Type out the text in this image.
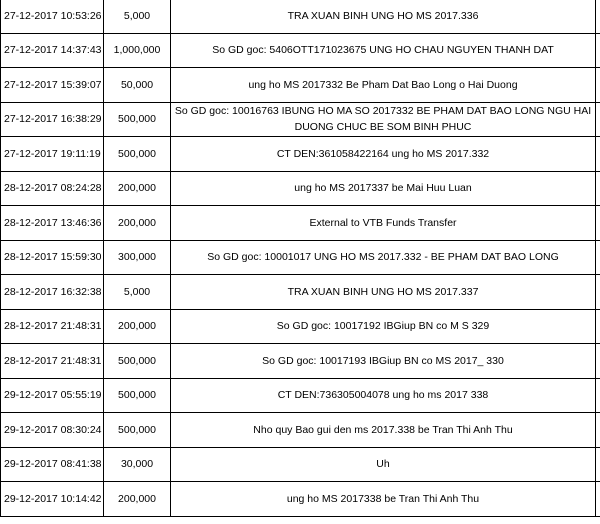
27-12-2017 10:53:26	5,000	TRA XUAN BINH UNG HO MS 2017.336	
27-12-2017 14:37:43	1,000,000	So GD goc: 5406OTT171023675 UNG HO CHAU NGUYEN THANH DAT	
27-12-2017 15:39:07	50,000	ung ho MS 2017332 Be Pham Dat Bao Long o Hai Duong	
27-12-2017 16:38:29	500,000	So GD goc: 10016763 IBUNG HO MA SO 2017332 BE PHAM DAT BAO LONG NGU HAI DUONG CHUC BE SOM BINH PHUC	
27-12-2017 19:11:19	500,000	CT DEN:361058422164 ung ho MS 2017.332	
28-12-2017 08:24:28	200,000	ung ho MS 2017337 be Mai Huu Luan	
28-12-2017 13:46:36	200,000	External to VTB Funds Transfer	
28-12-2017 15:59:30	300,000	So GD goc: 10001017 UNG HO MS 2017.332 - BE PHAM DAT BAO LONG	
28-12-2017 16:32:38	5,000	TRA XUAN BINH UNG HO MS 2017.337	
28-12-2017 21:48:31	200,000	So GD goc: 10017192 IBGiup BN co M S 329	
28-12-2017 21:48:31	500,000	So GD goc: 10017193 IBGiup BN co MS 2017_ 330	
29-12-2017 05:55:19	500,000	CT DEN:736305004078 ung ho ms 2017 338	
29-12-2017 08:30:24	500,000	Nho quy Bao gui den ms 2017.338 be Tran Thi Anh Thu	
29-12-2017 08:41:38	30,000	Uh	
29-12-2017 10:14:42	200,000	ung ho MS 2017338 be Tran Thi Anh Thu	
